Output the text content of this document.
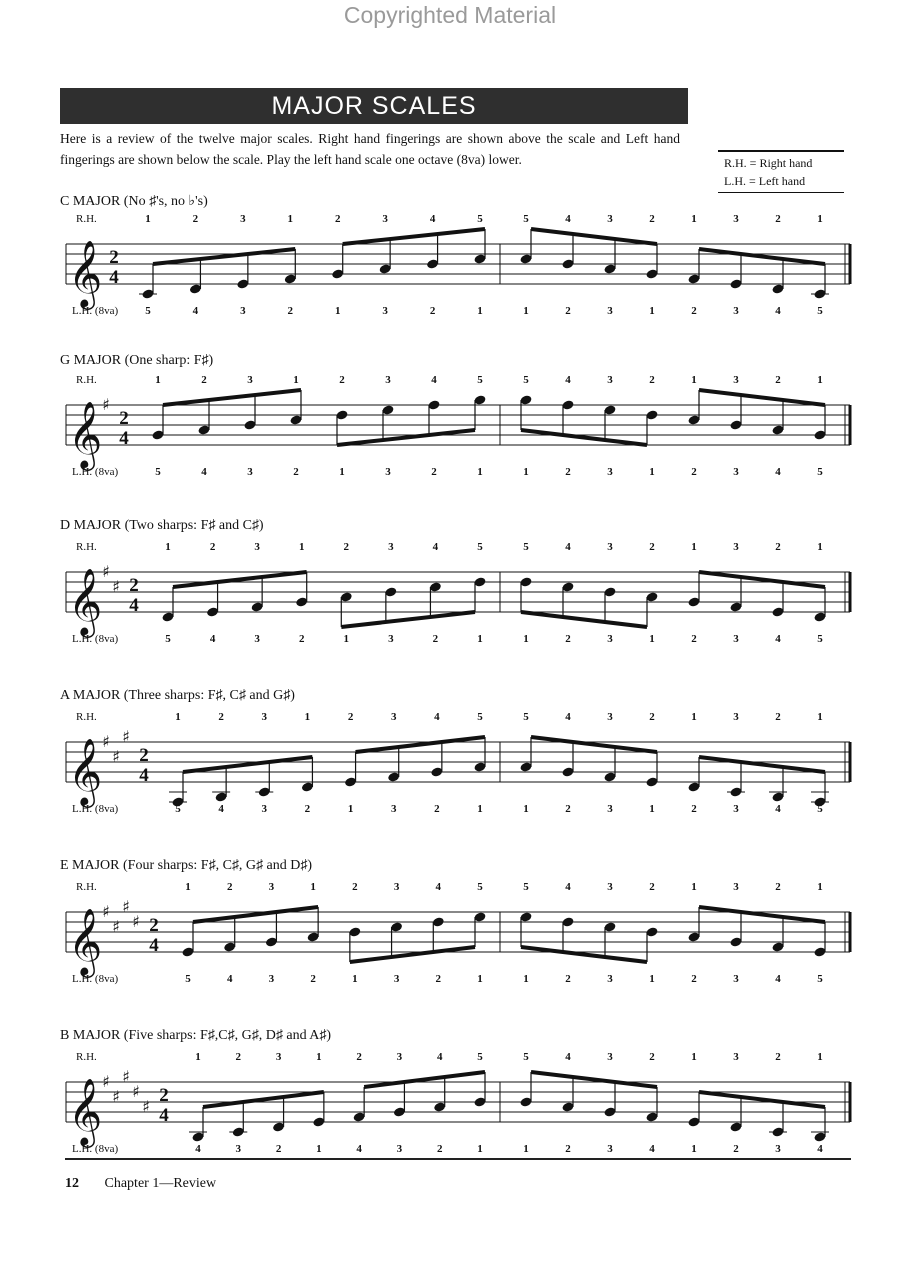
Copyrighted Material
MAJOR SCALES
Here is a review of the twelve major scales. Right hand fingerings are shown above the scale and Left hand fingerings are shown below the scale. Play the left hand scale one octave (8va) lower.	R.H. = Right hand
L.H. = Left hand
C MAJOR (No ♯'s, no ♭'s)
G MAJOR (One sharp: F♯)
D MAJOR (Two sharps: F♯ and C♯)
A MAJOR (Three sharps: F♯, C♯ and G♯)
E MAJOR (Four sharps: F♯, C♯, G♯ and D♯)
B MAJOR (Five sharps: F♯,C♯, G♯, D♯ and A♯)
𝄞 2
4
R.H.
L.H. (8va)
1
5
2
4
3
3
1
2
2
1
3
3
4
2
5
1
5
1
4
2
3
3
2
1
1
2
3
3
2
4
1
5
𝄞 ♯
2
4
R.H.
L.H. (8va)
1
5
2
4
3
3
1
2
2
1
3
3
4
2
5
1
5
1
4
2
3
3
2
1
1
2
3
3
2
4
1
5
𝄞 ♯
♯ 2
4
R.H.
L.H. (8va)
1
5
2
4
3
3
1
2
2
1
3
3
4
2
5
1
5
1
4
2
3
3
2
1
1
2
3
3
2
4
1
5
𝄞 ♯
♯
♯
2
4
R.H.
L.H. (8va)
1
5
2
4
3
3
1
2
2
1
3
3
4
2
5
1
5
1
4
2
3
3
2
1
1
2
3
3
2
4
1
5
𝄞 ♯
♯
♯
♯ 2
4
R.H.
L.H. (8va)
1
5
2
4
3
3
1
2
2
1
3
3
4
2
5
1
5
1
4
2
3
3
2
1
1
2
3
3
2
4
1
5
𝄞 ♯
♯
♯
♯
♯
2
4
R.H.
L.H. (8va)
1
4
2
3
3
2
1
1
2
4
3
3
4
2
5
1
5
1
4
2
3
3
2
4
1
1
3
2
2
3
1
4
12 Chapter 1—Review
